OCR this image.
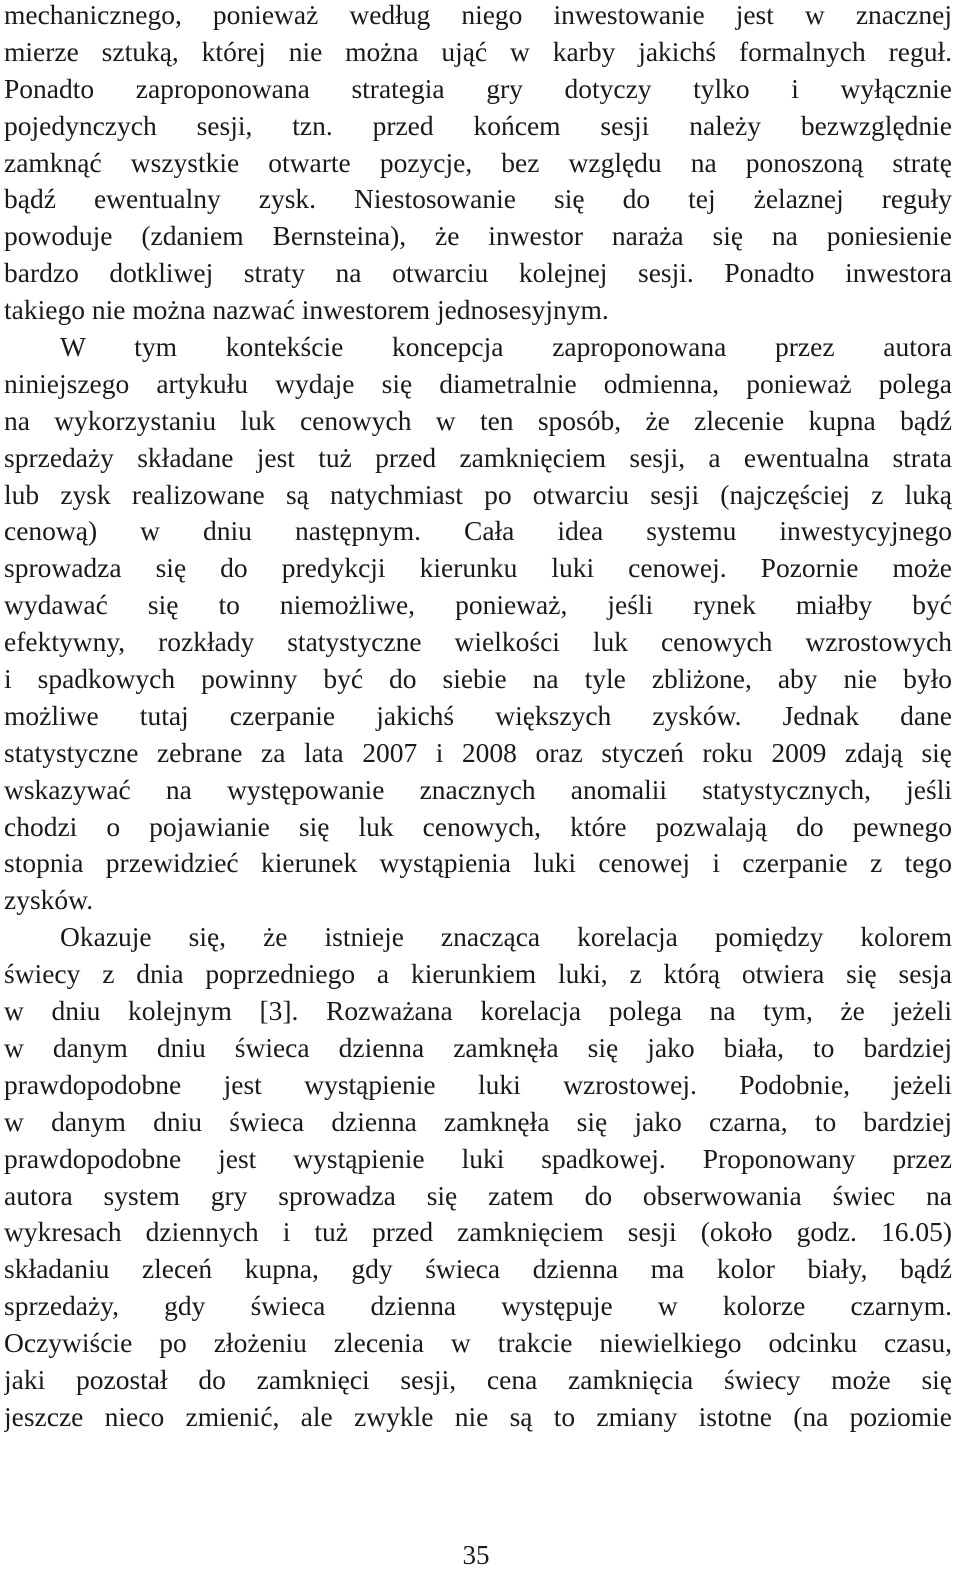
mechanicznego, ponieważ według niego inwestowanie jest w znacznej
mierze sztuką, której nie można ująć w karby jakichś formalnych reguł.
Ponadto zaproponowana strategia gry dotyczy tylko i wyłącznie
pojedynczych sesji, tzn. przed końcem sesji należy bezwzględnie
zamknąć wszystkie otwarte pozycje, bez względu na ponoszoną stratę
bądź ewentualny zysk. Niestosowanie się do tej żelaznej reguły
powoduje (zdaniem Bernsteina), że inwestor naraża się na poniesienie
bardzo dotkliwej straty na otwarciu kolejnej sesji. Ponadto inwestora
takiego nie można nazwać inwestorem jednosesyjnym.
W tym kontekście koncepcja zaproponowana przez autora
niniejszego artykułu wydaje się diametralnie odmienna, ponieważ polega
na wykorzystaniu luk cenowych w ten sposób, że zlecenie kupna bądź
sprzedaży składane jest tuż przed zamknięciem sesji, a ewentualna strata
lub zysk realizowane są natychmiast po otwarciu sesji (najczęściej z luką
cenową) w dniu następnym. Cała idea systemu inwestycyjnego
sprowadza się do predykcji kierunku luki cenowej. Pozornie może
wydawać się to niemożliwe, ponieważ, jeśli rynek miałby być
efektywny, rozkłady statystyczne wielkości luk cenowych wzrostowych
i spadkowych powinny być do siebie na tyle zbliżone, aby nie było
możliwe tutaj czerpanie jakichś większych zysków. Jednak dane
statystyczne zebrane za lata 2007 i 2008 oraz styczeń roku 2009 zdają się
wskazywać na występowanie znacznych anomalii statystycznych, jeśli
chodzi o pojawianie się luk cenowych, które pozwalają do pewnego
stopnia przewidzieć kierunek wystąpienia luki cenowej i czerpanie z tego
zysków.
Okazuje się, że istnieje znacząca korelacja pomiędzy kolorem
świecy z dnia poprzedniego a kierunkiem luki, z którą otwiera się sesja
w dniu kolejnym [3]. Rozważana korelacja polega na tym, że jeżeli
w danym dniu świeca dzienna zamknęła się jako biała, to bardziej
prawdopodobne jest wystąpienie luki wzrostowej. Podobnie, jeżeli
w danym dniu świeca dzienna zamknęła się jako czarna, to bardziej
prawdopodobne jest wystąpienie luki spadkowej. Proponowany przez
autora system gry sprowadza się zatem do obserwowania świec na
wykresach dziennych i tuż przed zamknięciem sesji (około godz. 16.05)
składaniu zleceń kupna, gdy świeca dzienna ma kolor biały, bądź
sprzedaży, gdy świeca dzienna występuje w kolorze czarnym.
Oczywiście po złożeniu zlecenia w trakcie niewielkiego odcinku czasu,
jaki pozostał do zamknięci sesji, cena zamknięcia świecy może się
jeszcze nieco zmienić, ale zwykle nie są to zmiany istotne (na poziomie
35
